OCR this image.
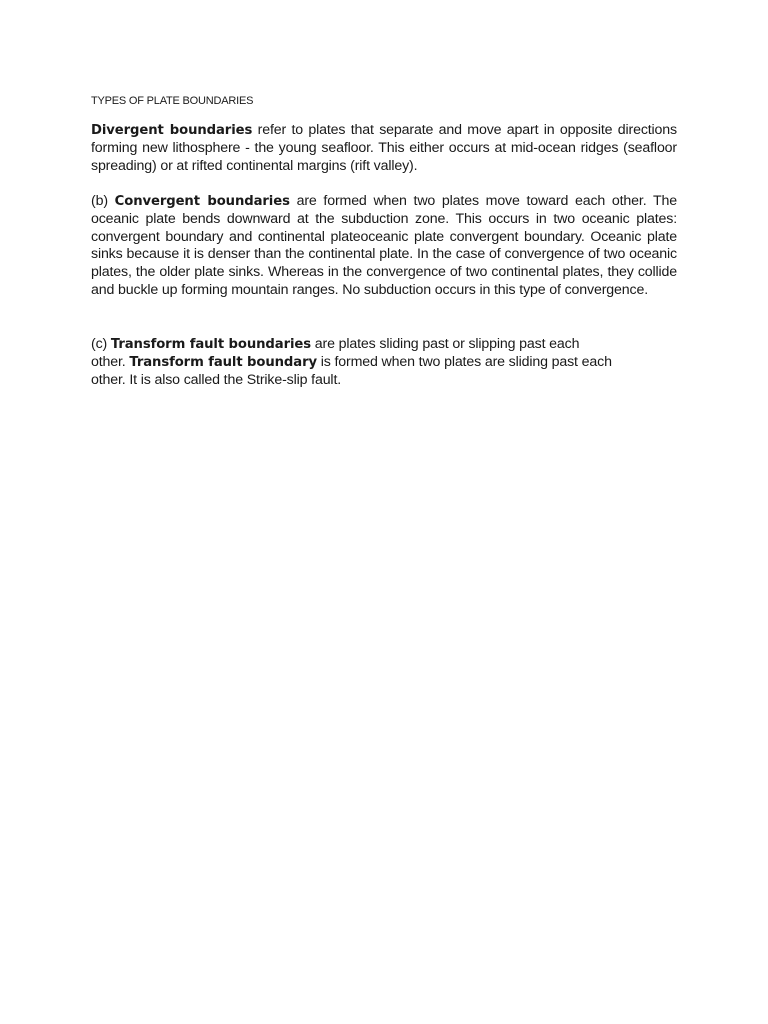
TYPES OF PLATE BOUNDARIES

Divergent boundaries refer to plates that separate and move apart in opposite directions forming new lithosphere - the young seafloor. This either occurs at mid-ocean ridges (seafloor spreading) or at rifted continental margins (rift valley).

(b) Convergent boundaries are formed when two plates move toward each other. The oceanic plate bends downward at the subduction zone. This occurs in two oceanic plates: convergent boundary and continental plateoceanic plate convergent boundary. Oceanic plate sinks because it is denser than the continental plate. In the case of convergence of two oceanic plates, the older plate sinks. Whereas in the convergence of two continental plates, they collide and buckle up forming mountain ranges. No subduction occurs in this type of convergence.

(c) Transform fault boundaries are plates sliding past or slipping past each
other. Transform fault boundary is formed when two plates are sliding past each
other. It is also called the Strike-slip fault.
